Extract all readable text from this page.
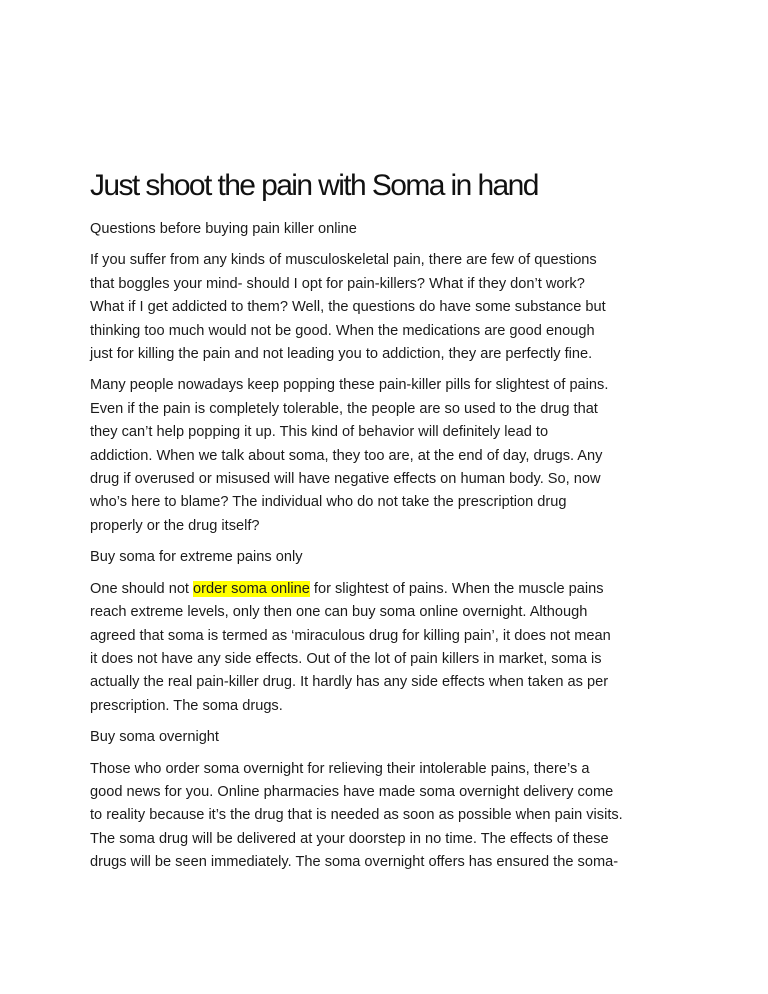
Just shoot the pain with Soma in hand
Questions before buying pain killer online

If you suffer from any kinds of musculoskeletal pain, there are few of questions
that boggles your mind- should I opt for pain-killers? What if they don’t work?
What if I get addicted to them? Well, the questions do have some substance but
thinking too much would not be good. When the medications are good enough
just for killing the pain and not leading you to addiction, they are perfectly fine.

Many people nowadays keep popping these pain-killer pills for slightest of pains.
Even if the pain is completely tolerable, the people are so used to the drug that
they can’t help popping it up. This kind of behavior will definitely lead to
addiction. When we talk about soma, they too are, at the end of day, drugs. Any
drug if overused or misused will have negative effects on human body. So, now
who’s here to blame? The individual who do not take the prescription drug
properly or the drug itself?

Buy soma for extreme pains only

One should not order soma online for slightest of pains. When the muscle pains
reach extreme levels, only then one can buy soma online overnight. Although
agreed that soma is termed as ‘miraculous drug for killing pain’, it does not mean
it does not have any side effects. Out of the lot of pain killers in market, soma is
actually the real pain-killer drug. It hardly has any side effects when taken as per
prescription. The soma drugs.

Buy soma overnight

Those who order soma overnight for relieving their intolerable pains, there’s a
good news for you. Online pharmacies have made soma overnight delivery come
to reality because it’s the drug that is needed as soon as possible when pain visits.
The soma drug will be delivered at your doorstep in no time. The effects of these
drugs will be seen immediately. The soma overnight offers has ensured the soma-
